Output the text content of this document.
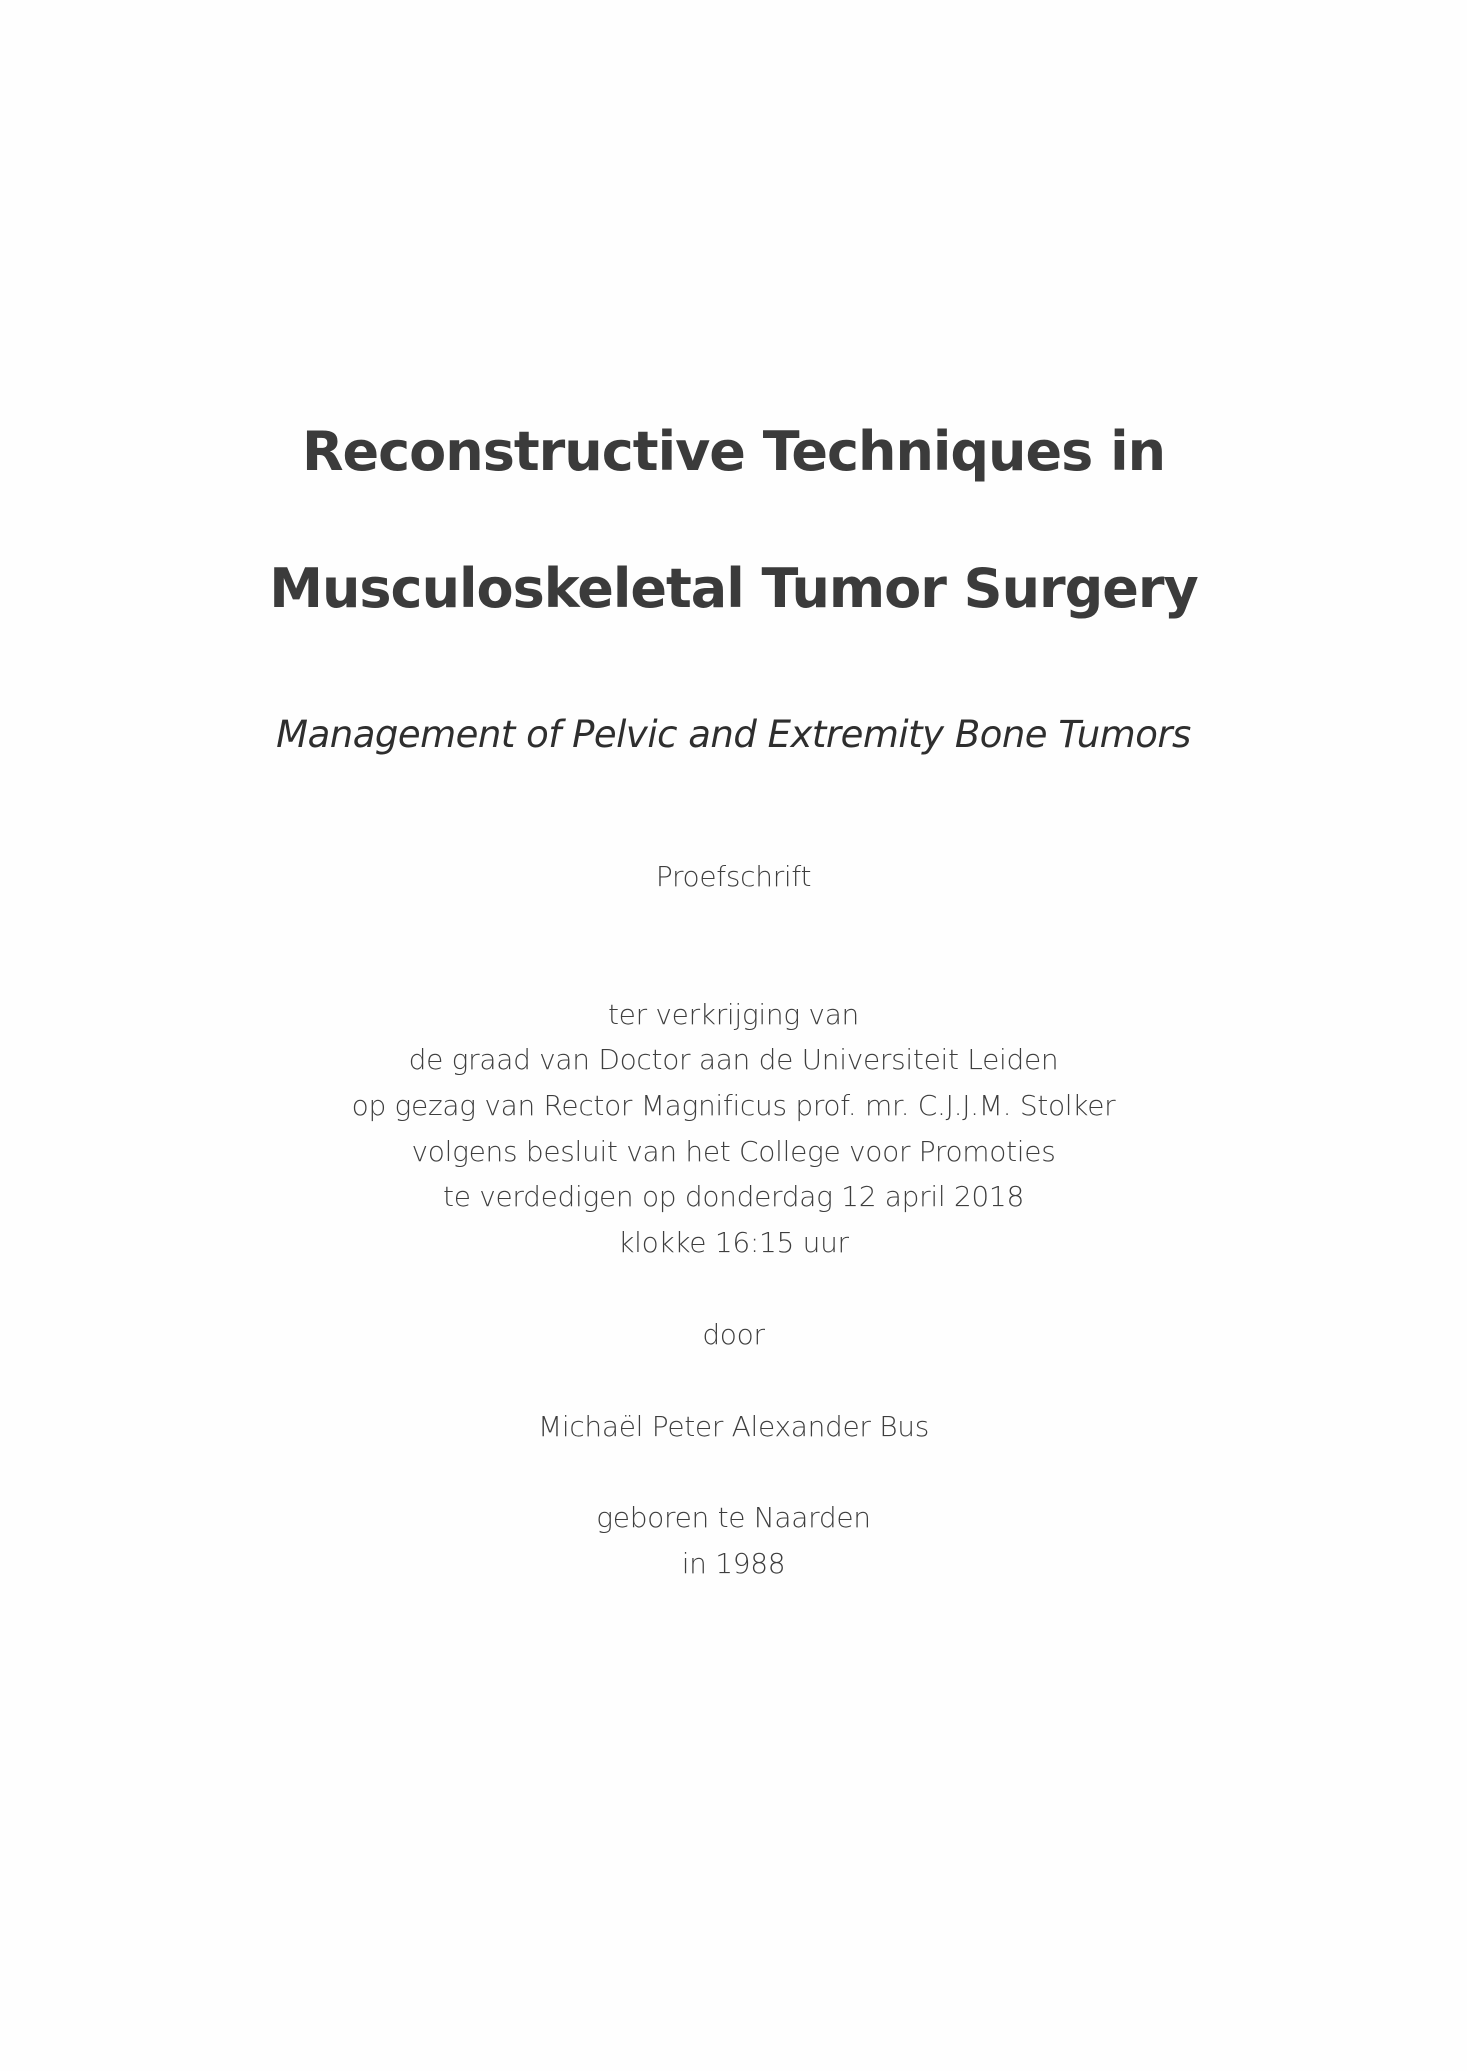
Reconstructive Techniques in
Musculoskeletal Tumor Surgery
Management of Pelvic and Extremity Bone Tumors
Proefschrift
ter verkrijging van
de graad van Doctor aan de Universiteit Leiden
op gezag van Rector Magnificus prof. mr. C.J.J.M. Stolker
volgens besluit van het College voor Promoties
te verdedigen op donderdag 12 april 2018
klokke 16:15 uur
door
Michaël Peter Alexander Bus
geboren te Naarden
in 1988
